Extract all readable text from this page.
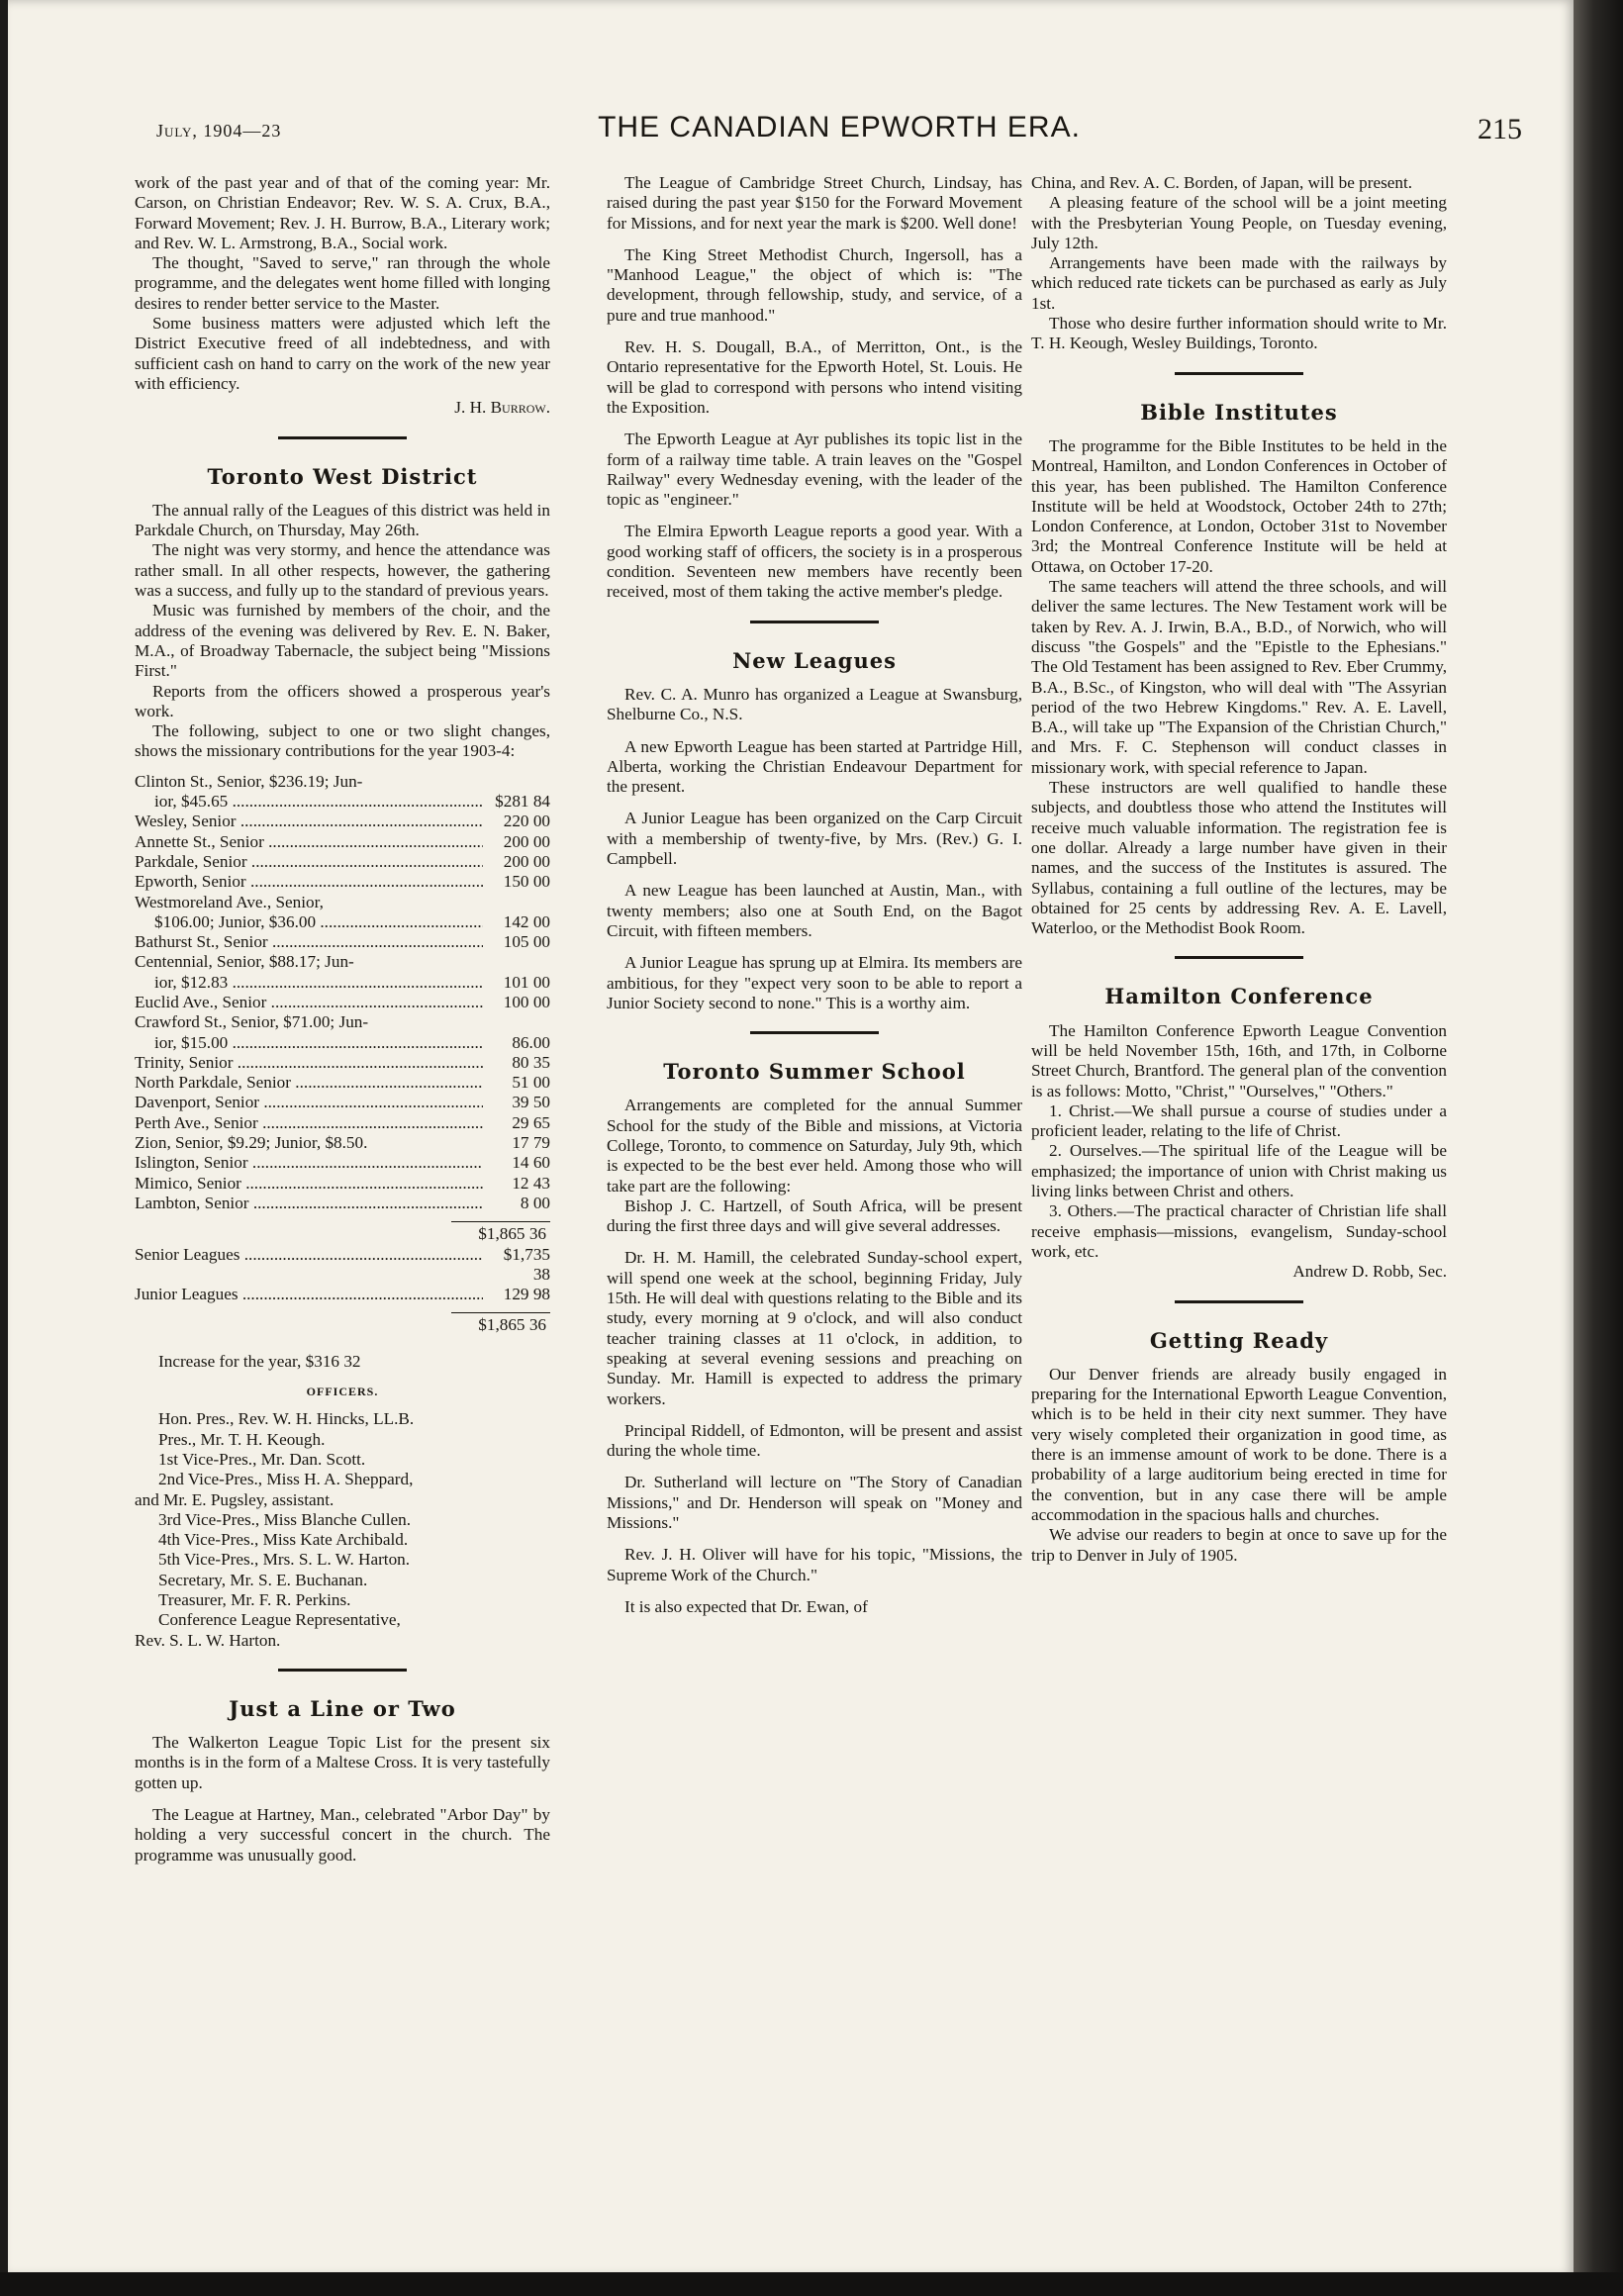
July, 1904—23	THE CANADIAN EPWORTH ERA.	215

work of the past year and of that of the coming year: Mr. Carson, on Christian Endeavor; Rev. W. S. A. Crux, B.A., Forward Movement; Rev. J. H. Burrow, B.A., Literary work; and Rev. W. L. Armstrong, B.A., Social work.

The thought, "Saved to serve," ran through the whole programme, and the delegates went home filled with longing desires to render better service to the Master.

Some business matters were adjusted which left the District Executive freed of all indebtedness, and with sufficient cash on hand to carry on the work of the new year with efficiency.

J. H. Burrow.
Toronto West District

The annual rally of the Leagues of this district was held in Parkdale Church, on Thursday, May 26th.

The night was very stormy, and hence the attendance was rather small. In all other respects, however, the gathering was a success, and fully up to the standard of previous years.

Music was furnished by members of the choir, and the address of the evening was delivered by Rev. E. N. Baker, M.A., of Broadway Tabernacle, the subject being "Missions First."

Reports from the officers showed a prosperous year's work.

The following, subject to one or two slight changes, shows the missionary contributions for the year 1903-4:

Clinton St., Senior, $236.19; Jun-
ior, $45.65 .....	$281 84
Wesley, Senior .....	220 00
Annette St., Senior .....	200 00
Parkdale, Senior .....	200 00
Epworth, Senior .....	150 00
Westmoreland Ave., Senior,
$106.00; Junior, $36.00 .....	142 00
Bathurst St., Senior .....	105 00
Centennial, Senior, $88.17; Jun-
ior, $12.83 .....	101 00
Euclid Ave., Senior .....	100 00
Crawford St., Senior, $71.00; Jun-
ior, $15.00 .....	86.00
Trinity, Senior .....	80 35
North Parkdale, Senior .....	51 00
Davenport, Senior .....	39 50
Perth Ave., Senior .....	29 65
Zion, Senior, $9.29; Junior, $8.50.	17 79
Islington, Senior .....	14 60
Mimico, Senior .....	12 43
Lambton, Senior .....	8 00
$1,865 36
Senior Leagues .....	$1,735 38
Junior Leagues .....	129 98
$1,865 36
Increase for the year, $316 32
OFFICERS.
Hon. Pres., Rev. W. H. Hincks, LL.B.
Pres., Mr. T. H. Keough.
1st Vice-Pres., Mr. Dan. Scott.
2nd Vice-Pres., Miss H. A. Sheppard,
and Mr. E. Pugsley, assistant.
3rd Vice-Pres., Miss Blanche Cullen.
4th Vice-Pres., Miss Kate Archibald.
5th Vice-Pres., Mrs. S. L. W. Harton.
Secretary, Mr. S. E. Buchanan.
Treasurer, Mr. F. R. Perkins.
Conference League Representative,
Rev. S. L. W. Harton.
Just a Line or Two

The Walkerton League Topic List for the present six months is in the form of a Maltese Cross. It is very tastefully gotten up.

The League at Hartney, Man., celebrated "Arbor Day" by holding a very successful concert in the church. The programme was unusually good.

The League of Cambridge Street Church, Lindsay, has raised during the past year $150 for the Forward Movement for Missions, and for next year the mark is $200. Well done!

The King Street Methodist Church, Ingersoll, has a "Manhood League," the object of which is: "The development, through fellowship, study, and service, of a pure and true manhood."

Rev. H. S. Dougall, B.A., of Merritton, Ont., is the Ontario representative for the Epworth Hotel, St. Louis. He will be glad to correspond with persons who intend visiting the Exposition.

The Epworth League at Ayr publishes its topic list in the form of a railway time table. A train leaves on the "Gospel Railway" every Wednesday evening, with the leader of the topic as "engineer."

The Elmira Epworth League reports a good year. With a good working staff of officers, the society is in a prosperous condition. Seventeen new members have recently been received, most of them taking the active member's pledge.

New Leagues

Rev. C. A. Munro has organized a League at Swansburg, Shelburne Co., N.S.

A new Epworth League has been started at Partridge Hill, Alberta, working the Christian Endeavour Department for the present.

A Junior League has been organized on the Carp Circuit with a membership of twenty-five, by Mrs. (Rev.) G. I. Campbell.

A new League has been launched at Austin, Man., with twenty members; also one at South End, on the Bagot Circuit, with fifteen members.

A Junior League has sprung up at Elmira. Its members are ambitious, for they "expect very soon to be able to report a Junior Society second to none." This is a worthy aim.

Toronto Summer School

Arrangements are completed for the annual Summer School for the study of the Bible and missions, at Victoria College, Toronto, to commence on Saturday, July 9th, which is expected to be the best ever held. Among those who will take part are the following:

Bishop J. C. Hartzell, of South Africa, will be present during the first three days and will give several addresses.

Dr. H. M. Hamill, the celebrated Sunday-school expert, will spend one week at the school, beginning Friday, July 15th. He will deal with questions relating to the Bible and its study, every morning at 9 o'clock, and will also conduct teacher training classes at 11 o'clock, in addition, to speaking at several evening sessions and preaching on Sunday. Mr. Hamill is expected to address the primary workers.

Principal Riddell, of Edmonton, will be present and assist during the whole time.

Dr. Sutherland will lecture on "The Story of Canadian Missions," and Dr. Henderson will speak on "Money and Missions."

Rev. J. H. Oliver will have for his topic, "Missions, the Supreme Work of the Church."

It is also expected that Dr. Ewan, of

China, and Rev. A. C. Borden, of Japan, will be present.

A pleasing feature of the school will be a joint meeting with the Presbyterian Young People, on Tuesday evening, July 12th.

Arrangements have been made with the railways by which reduced rate tickets can be purchased as early as July 1st.

Those who desire further information should write to Mr. T. H. Keough, Wesley Buildings, Toronto.

Bible Institutes

The programme for the Bible Institutes to be held in the Montreal, Hamilton, and London Conferences in October of this year, has been published. The Hamilton Conference Institute will be held at Woodstock, October 24th to 27th; London Conference, at London, October 31st to November 3rd; the Montreal Conference Institute will be held at Ottawa, on October 17-20.

The same teachers will attend the three schools, and will deliver the same lectures. The New Testament work will be taken by Rev. A. J. Irwin, B.A., B.D., of Norwich, who will discuss "the Gospels" and the "Epistle to the Ephesians." The Old Testament has been assigned to Rev. Eber Crummy, B.A., B.Sc., of Kingston, who will deal with "The Assyrian period of the two Hebrew Kingdoms." Rev. A. E. Lavell, B.A., will take up "The Expansion of the Christian Church," and Mrs. F. C. Stephenson will conduct classes in missionary work, with special reference to Japan.

These instructors are well qualified to handle these subjects, and doubtless those who attend the Institutes will receive much valuable information. The registration fee is one dollar. Already a large number have given in their names, and the success of the Institutes is assured. The Syllabus, containing a full outline of the lectures, may be obtained for 25 cents by addressing Rev. A. E. Lavell, Waterloo, or the Methodist Book Room.

Hamilton Conference

The Hamilton Conference Epworth League Convention will be held November 15th, 16th, and 17th, in Colborne Street Church, Brantford. The general plan of the convention is as follows: Motto, "Christ," "Ourselves," "Others."

1. Christ.—We shall pursue a course of studies under a proficient leader, relating to the life of Christ.

2. Ourselves.—The spiritual life of the League will be emphasized; the importance of union with Christ making us living links between Christ and others.

3. Others.—The practical character of Christian life shall receive emphasis—missions, evangelism, Sunday-school work, etc.

Andrew D. Robb, Sec.
Getting Ready

Our Denver friends are already busily engaged in preparing for the International Epworth League Convention, which is to be held in their city next summer. They have very wisely completed their organization in good time, as there is an immense amount of work to be done. There is a probability of a large auditorium being erected in time for the convention, but in any case there will be ample accommodation in the spacious halls and churches.

We advise our readers to begin at once to save up for the trip to Denver in July of 1905.
